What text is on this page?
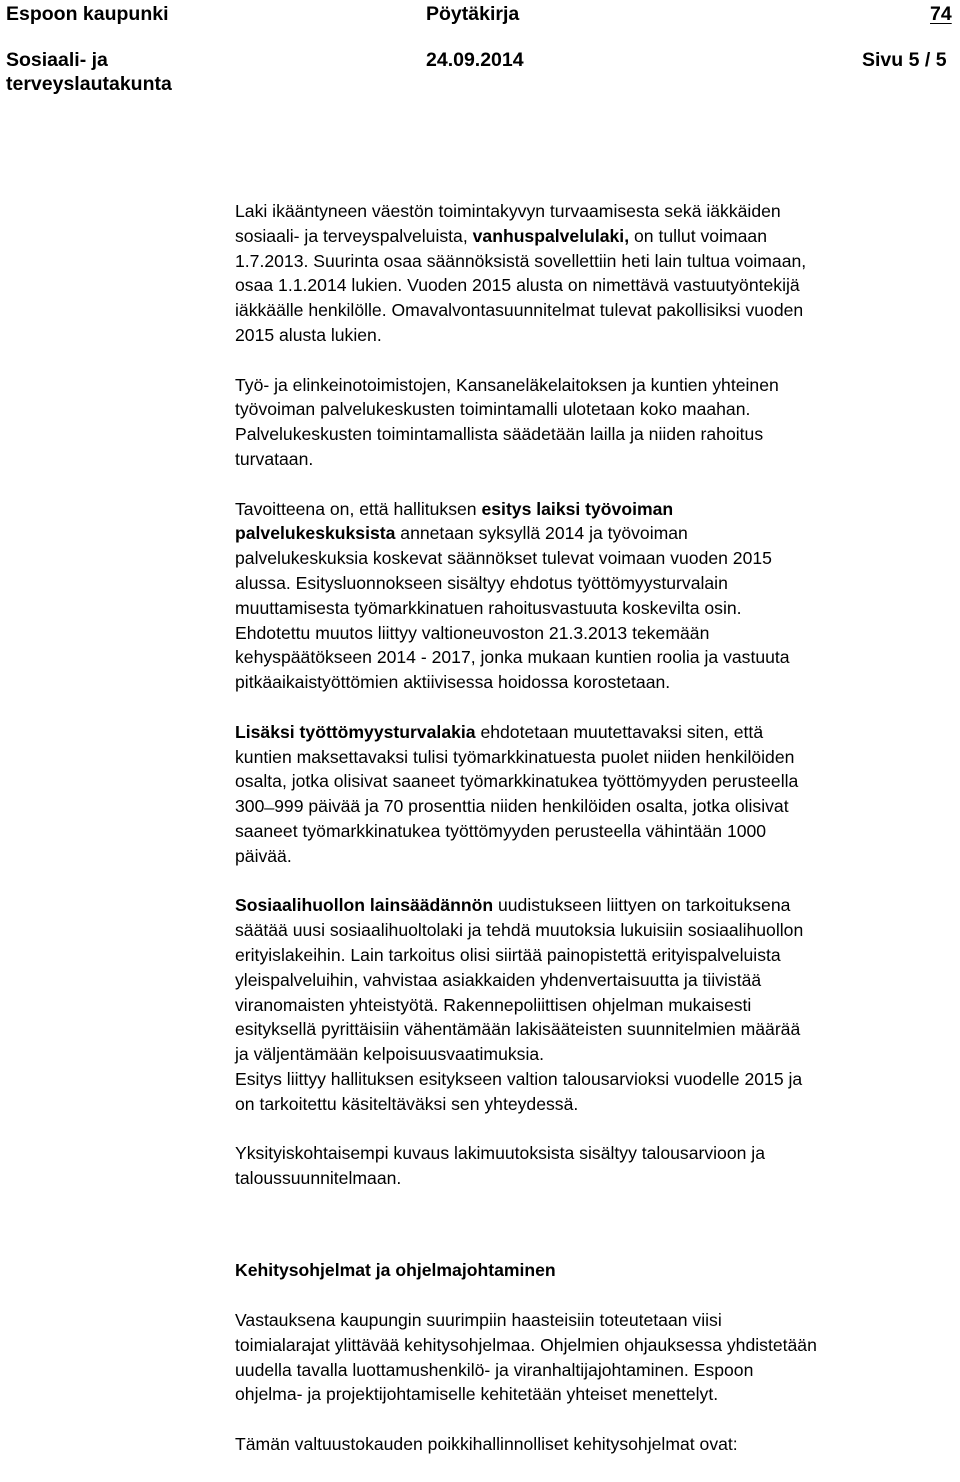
Espoon kaupunki	Pöytäkirja	74
Sosiaali- ja
terveyslautakunta
24.09.2014	Sivu 5 / 5
Laki ikääntyneen väestön toimintakyvyn turvaamisesta sekä iäkkäiden
sosiaali- ja terveyspalveluista, vanhuspalvelulaki, on tullut voimaan
1.7.2013. Suurinta osaa säännöksistä sovellettiin heti lain tultua voimaan,
osaa 1.1.2014 lukien. Vuoden 2015 alusta on nimettävä vastuutyöntekijä
iäkkäälle henkilölle. Omavalvontasuunnitelmat tulevat pakollisiksi vuoden
2015 alusta lukien.
Työ- ja elinkeinotoimistojen, Kansaneläkelaitoksen ja kuntien yhteinen
työvoiman palvelukeskusten toimintamalli ulotetaan koko maahan.
Palvelukeskusten toimintamallista säädetään lailla ja niiden rahoitus
turvataan.
Tavoitteena on, että hallituksen esitys laiksi työvoiman
palvelukeskuksista annetaan syksyllä 2014 ja työvoiman
palvelukeskuksia koskevat säännökset tulevat voimaan vuoden 2015
alussa. Esitysluonnokseen sisältyy ehdotus työttömyysturvalain
muuttamisesta työmarkkinatuen rahoitusvastuuta koskevilta osin.
Ehdotettu muutos liittyy valtioneuvoston 21.3.2013 tekemään
kehyspäätökseen 2014 - 2017, jonka mukaan kuntien roolia ja vastuuta
pitkäaikaistyöttömien aktiivisessa hoidossa korostetaan.
Lisäksi työttömyysturvalakia ehdotetaan muutettavaksi siten, että
kuntien maksettavaksi tulisi työmarkkinatuesta puolet niiden henkilöiden
osalta, jotka olisivat saaneet työmarkkinatukea työttömyyden perusteella
300 ̶ 999 päivää ja 70 prosenttia niiden henkilöiden osalta, jotka olisivat
saaneet työmarkkinatukea työttömyyden perusteella vähintään 1000
päivää.
Sosiaalihuollon lainsäädännön uudistukseen liittyen on tarkoituksena
säätää uusi sosiaalihuoltolaki ja tehdä muutoksia lukuisiin sosiaalihuollon
erityislakeihin. Lain tarkoitus olisi siirtää painopistettä erityispalveluista
yleispalveluihin, vahvistaa asiakkaiden yhdenvertaisuutta ja tiivistää
viranomaisten yhteistyötä. Rakennepoliittisen ohjelman mukaisesti
esityksellä pyrittäisiin vähentämään lakisääteisten suunnitelmien määrää
ja väljentämään kelpoisuusvaatimuksia.
Esitys liittyy hallituksen esitykseen valtion talousarvioksi vuodelle 2015 ja
on tarkoitettu käsiteltäväksi sen yhteydessä.
Yksityiskohtaisempi kuvaus lakimuutoksista sisältyy talousarvioon ja
taloussuunnitelmaan.
Kehitysohjelmat ja ohjelmajohtaminen
Vastauksena kaupungin suurimpiin haasteisiin toteutetaan viisi
toimialarajat ylittävää kehitysohjelmaa. Ohjelmien ohjauksessa yhdistetään
uudella tavalla luottamushenkilö- ja viranhaltijajohtaminen. Espoon
ohjelma- ja projektijohtamiselle kehitetään yhteiset menettelyt.
Tämän valtuustokauden poikkihallinnolliset kehitysohjelmat ovat:
